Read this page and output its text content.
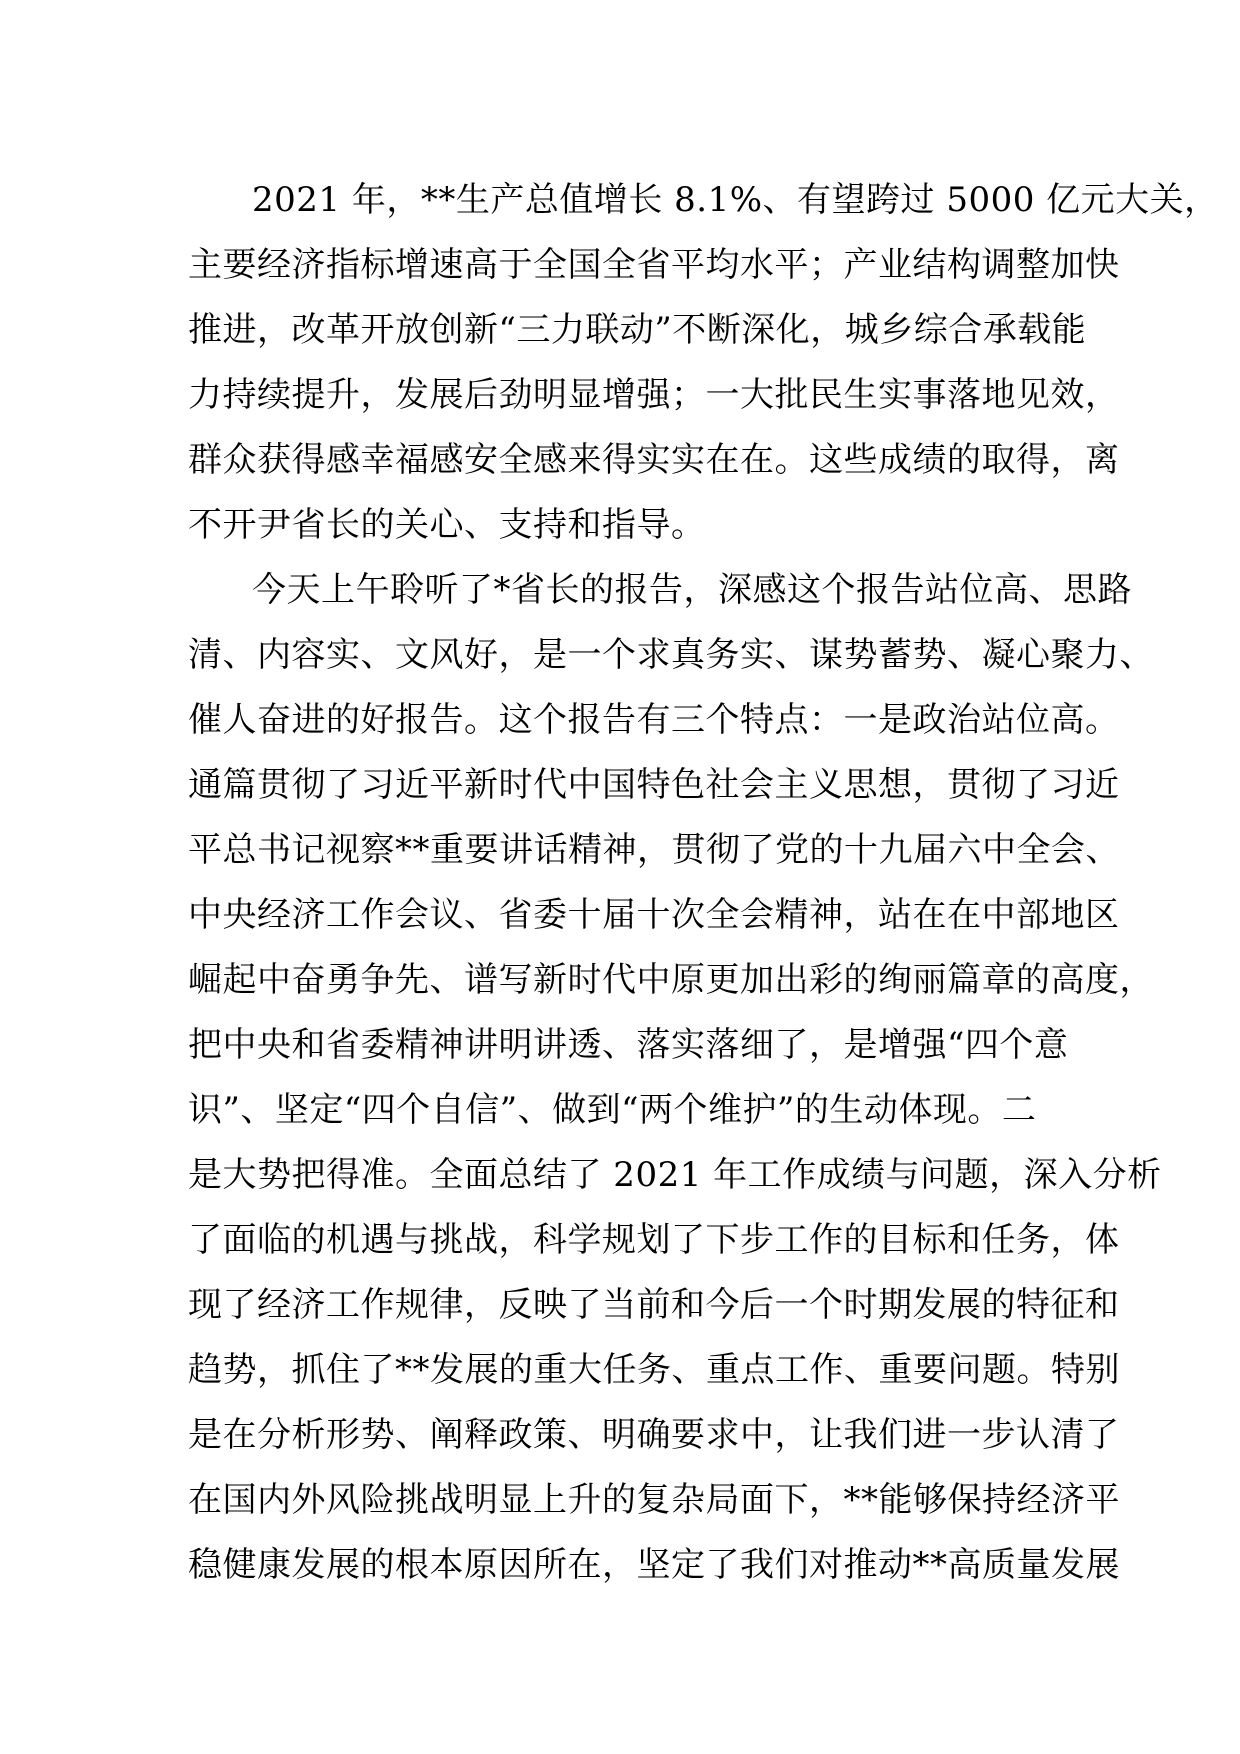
2021 年，**生产总值增长 8.1%、有望跨过 5000 亿元大关，
主要经济指标增速高于全国全省平均水平；产业结构调整加快
推进，改革开放创新“三力联动”不断深化，城乡综合承载能
力持续提升，发展后劲明显增强；一大批民生实事落地见效，
群众获得感幸福感安全感来得实实在在。这些成绩的取得，离
不开尹省长的关心、支持和指导。
今天上午聆听了*省长的报告，深感这个报告站位高、思路
清、内容实、文风好，是一个求真务实、谋势蓄势、凝心聚力、
催人奋进的好报告。这个报告有三个特点：一是政治站位高。
通篇贯彻了习近平新时代中国特色社会主义思想，贯彻了习近
平总书记视察**重要讲话精神，贯彻了党的十九届六中全会、
中央经济工作会议、省委十届十次全会精神，站在在中部地区
崛起中奋勇争先、谱写新时代中原更加出彩的绚丽篇章的高度，
把中央和省委精神讲明讲透、落实落细了，是增强“四个意
识”、坚定“四个自信”、做到“两个维护”的生动体现。二
是大势把得准。全面总结了 2021 年工作成绩与问题，深入分析
了面临的机遇与挑战，科学规划了下步工作的目标和任务，体
现了经济工作规律，反映了当前和今后一个时期发展的特征和
趋势，抓住了**发展的重大任务、重点工作、重要问题。特别
是在分析形势、阐释政策、明确要求中，让我们进一步认清了
在国内外风险挑战明显上升的复杂局面下，**能够保持经济平
稳健康发展的根本原因所在，坚定了我们对推动**高质量发展
